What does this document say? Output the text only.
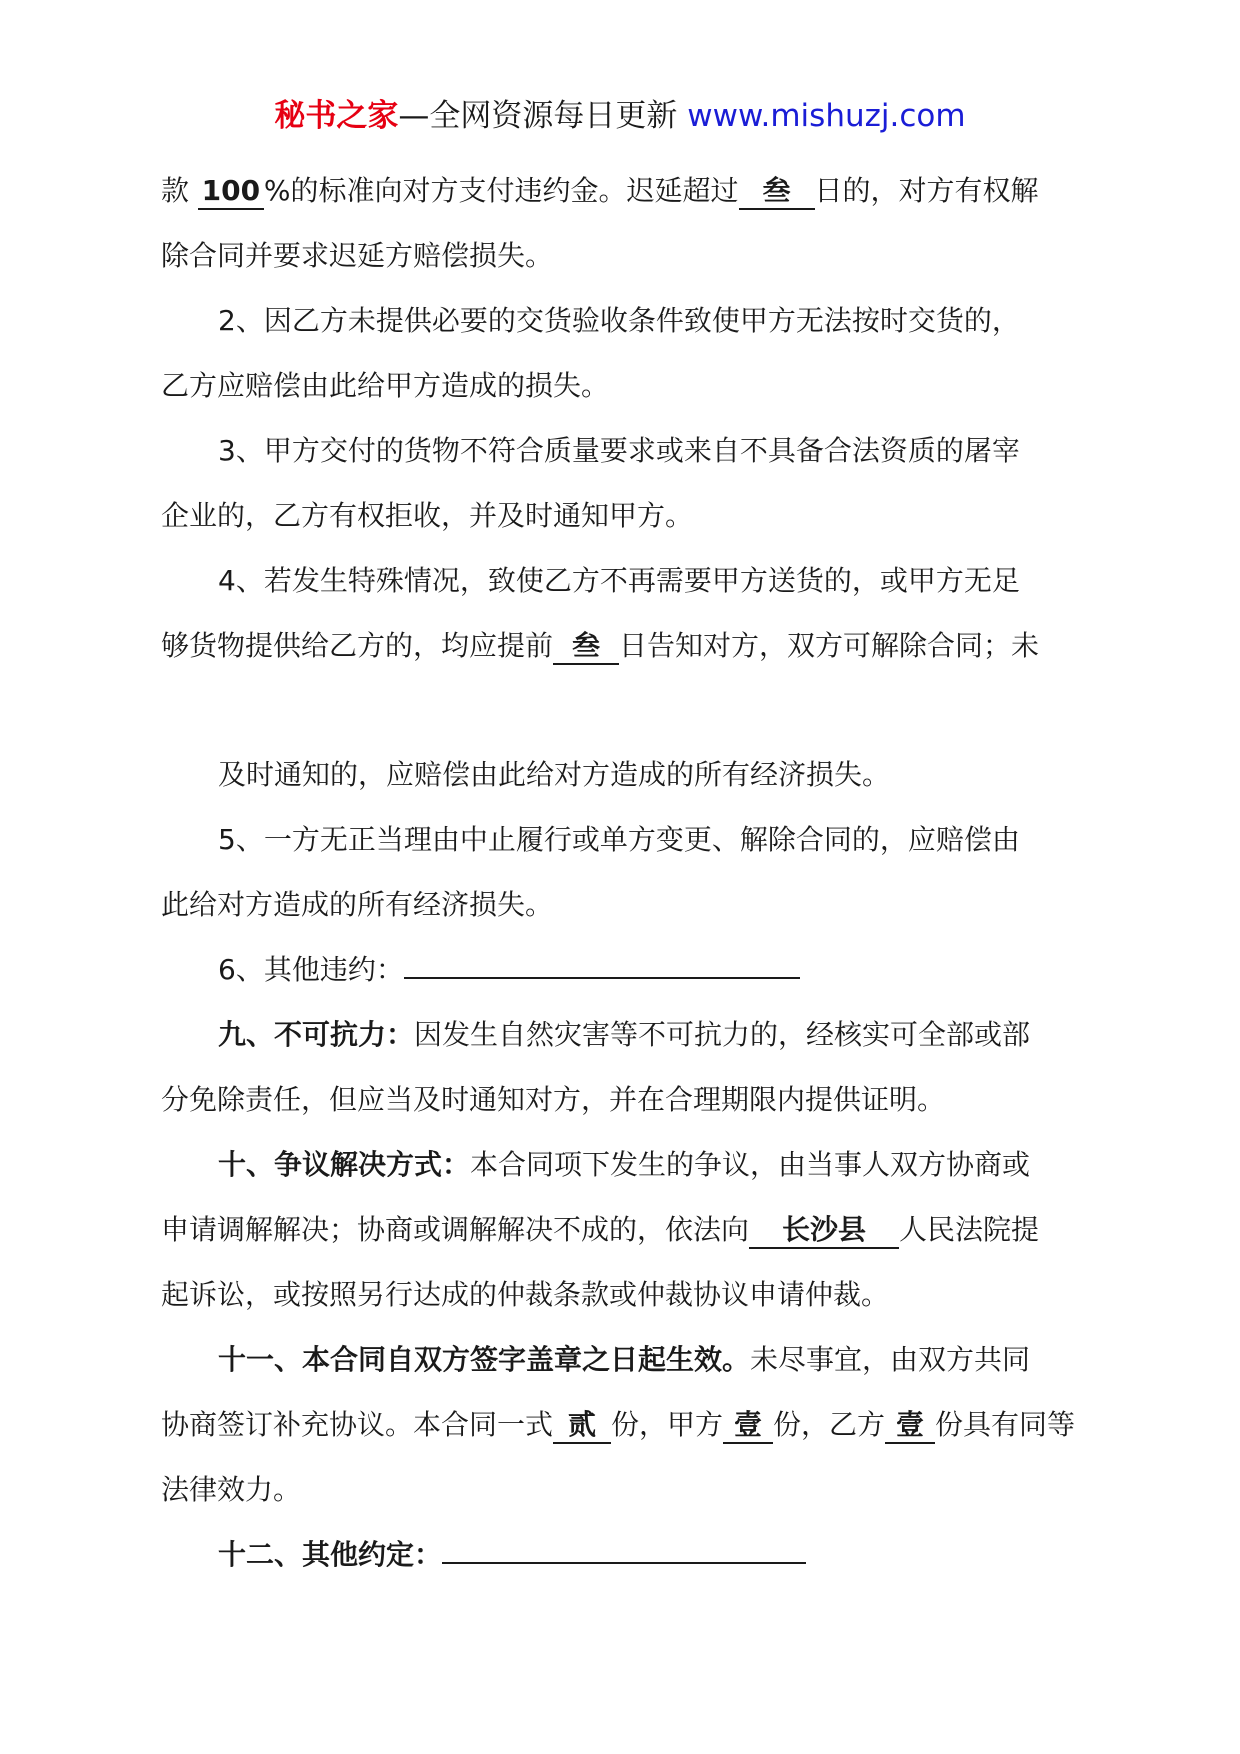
秘书之家—全网资源每日更新 www.mishuzj.com

款 100 %的标准向对方支付违约金。迟延超过 叁 日的，对方有权解

除合同并要求迟延方赔偿损失。

2、因乙方未提供必要的交货验收条件致使甲方无法按时交货的，

乙方应赔偿由此给甲方造成的损失。

3、甲方交付的货物不符合质量要求或来自不具备合法资质的屠宰

企业的，乙方有权拒收，并及时通知甲方。

4、若发生特殊情况，致使乙方不再需要甲方送货的，或甲方无足

够货物提供给乙方的，均应提前 叁 日告知对方，双方可解除合同；未

及时通知的，应赔偿由此给对方造成的所有经济损失。

5、一方无正当理由中止履行或单方变更、解除合同的，应赔偿由

此给对方造成的所有经济损失。

6、其他违约：

九、不可抗力：因发生自然灾害等不可抗力的，经核实可全部或部

分免除责任，但应当及时通知对方，并在合理期限内提供证明。

十、争议解决方式：本合同项下发生的争议，由当事人双方协商或

申请调解解决；协商或调解解决不成的，依法向 长沙县 人民法院提

起诉讼，或按照另行达成的仲裁条款或仲裁协议申请仲裁。

十一、本合同自双方签字盖章之日起生效。未尽事宜，由双方共同

协商签订补充协议。本合同一式 贰 份，甲方 壹 份，乙方 壹 份具有同等

法律效力。

十二、其他约定：
